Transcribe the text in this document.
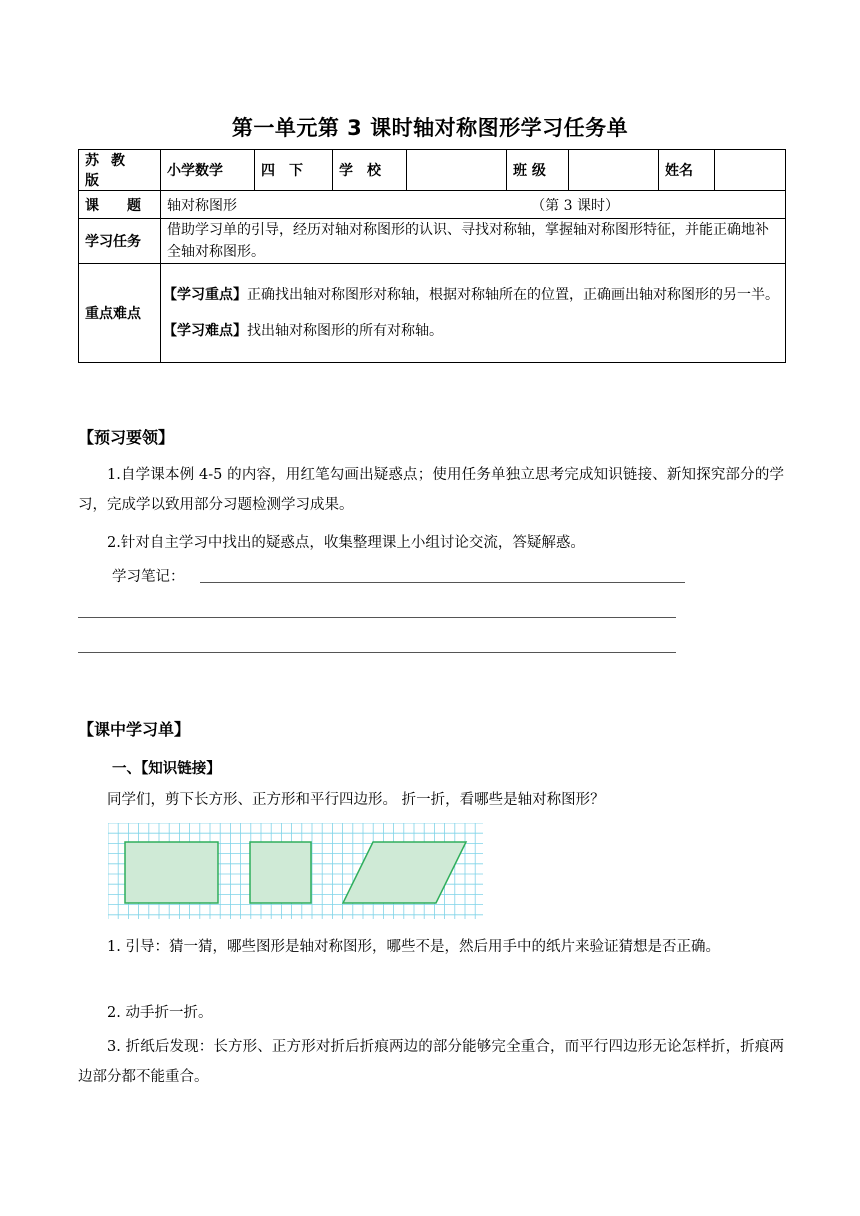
第一单元第 3 课时轴对称图形学习任务单
苏教版	小学数学	四　下	学　校		班 级		姓名	
课　　题	轴对称图形 （第 3 课时）							

学习任务	借助学习单的引导，经历对轴对称图形的认识、寻找对称轴，掌握轴对称图形特征，并能正确地补全轴对称图形。							
重点难点	【学习重点】正确找出轴对称图形对称轴，根据对称轴所在的位置，正确画出轴对称图形的另一半。
【学习难点】找出轴对称图形的所有对称轴。							
【预习要领】
1.自学课本例 4-5 的内容，用红笔勾画出疑惑点；使用任务单独立思考完成知识链接、新知探究部分的学习，完成学以致用部分习题检测学习成果。
2.针对自主学习中找出的疑惑点，收集整理课上小组讨论交流，答疑解惑。
学习笔记：
【课中学习单】
一、【知识链接】
同学们，剪下长方形、正方形和平行四边形。 折一折，看哪些是轴对称图形？
1. 引导：猜一猜，哪些图形是轴对称图形，哪些不是，然后用手中的纸片来验证猜想是否正确。
2. 动手折一折。
3. 折纸后发现：长方形、正方形对折后折痕两边的部分能够完全重合，而平行四边形无论怎样折，折痕两边部分都不能重合。
